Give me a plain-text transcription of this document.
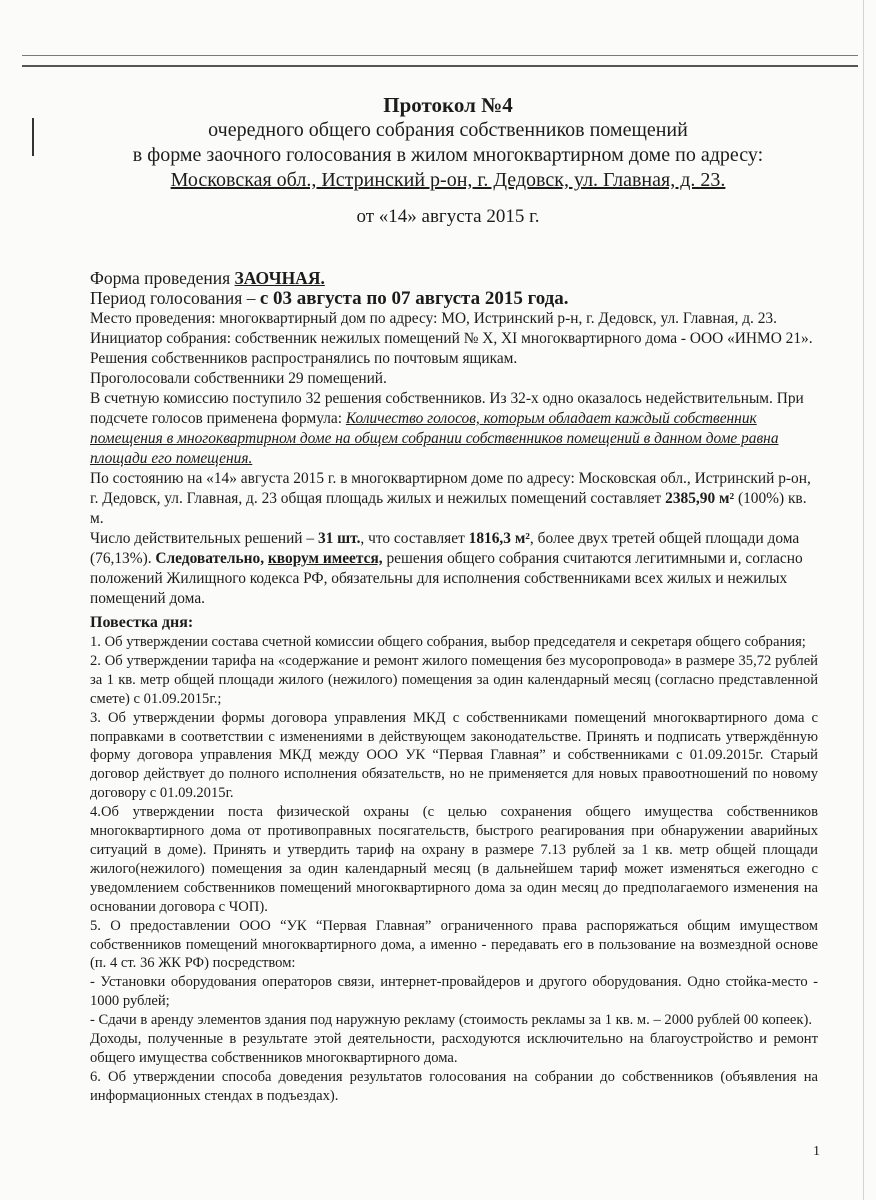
Протокол №4
очередного общего собрания собственников помещений
в форме заочного голосования в жилом многоквартирном доме по адресу:
Московская обл., Истринский р-он, г. Дедовск, ул. Главная, д. 23.
от «14» августа 2015 г.

Форма проведения ЗАОЧНАЯ.

Период голосования – с 03 августа по 07 августа 2015 года.

Место проведения: многоквартирный дом по адресу: МО, Истринский р-н, г. Дедовск, ул. Главная, д. 23.

Инициатор собрания: собственник нежилых помещений № X, XI многоквартирного дома - ООО «ИНМО 21».

Решения собственников распространялись по почтовым ящикам.

Проголосовали собственники 29 помещений.

В счетную комиссию поступило 32 решения собственников. Из 32-х одно оказалось недействительным. При подсчете голосов применена формула: Количество голосов, которым обладает каждый собственник помещения в многоквартирном доме на общем собрании собственников помещений в данном доме равна площади его помещения.

По состоянию на «14» августа 2015 г. в многоквартирном доме по адресу: Московская обл., Истринский р-он, г. Дедовск, ул. Главная, д. 23 общая площадь жилых и нежилых помещений составляет 2385,90 м² (100%) кв. м.

Число действительных решений – 31 шт., что составляет 1816,3 м², более двух третей общей площади дома (76,13%). Следовательно, кворум имеется, решения общего собрания считаются легитимными и, согласно положений Жилищного кодекса РФ, обязательны для исполнения собственниками всех жилых и нежилых помещений дома.

Повестка дня:

1. Об утверждении состава счетной комиссии общего собрания, выбор председателя и секретаря общего собрания;

2. Об утверждении тарифа на «содержание и ремонт жилого помещения без мусоропровода» в размере 35,72 рублей за 1 кв. метр общей площади жилого (нежилого) помещения за один календарный месяц (согласно представленной смете) с 01.09.2015г.;

3. Об утверждении формы договора управления МКД с собственниками помещений многоквартирного дома с поправками в соответствии с изменениями в действующем законодательстве. Принять и подписать утверждённую форму договора управления МКД между ООО УК “Первая Главная” и собственниками с 01.09.2015г. Старый договор действует до полного исполнения обязательств, но не применяется для новых правоотношений по новому договору с 01.09.2015г.

4.Об утверждении поста физической охраны (с целью сохранения общего имущества собственников многоквартирного дома от противоправных посягательств, быстрого реагирования при обнаружении аварийных ситуаций в доме). Принять и утвердить тариф на охрану в размере 7.13 рублей за 1 кв. метр общей площади жилого(нежилого) помещения за один календарный месяц (в дальнейшем тариф может изменяться ежегодно с уведомлением собственников помещений многоквартирного дома за один месяц до предполагаемого изменения на основании договора с ЧОП).

5. О предоставлении ООО “УК “Первая Главная” ограниченного права распоряжаться общим имуществом собственников помещений многоквартирного дома, а именно - передавать его в пользование на возмездной основе (п. 4 ст. 36 ЖК РФ) посредством:

- Установки оборудования операторов связи, интернет-провайдеров и другого оборудования. Одно стойка-место - 1000 рублей;

- Сдачи в аренду элементов здания под наружную рекламу (стоимость рекламы за 1 кв. м. – 2000 рублей 00 копеек).

Доходы, полученные в результате этой деятельности, расходуются исключительно на благоустройство и ремонт общего имущества собственников многоквартирного дома.

6. Об утверждении способа доведения результатов голосования на собрании до собственников (объявления на информационных стендах в подъездах).

1
